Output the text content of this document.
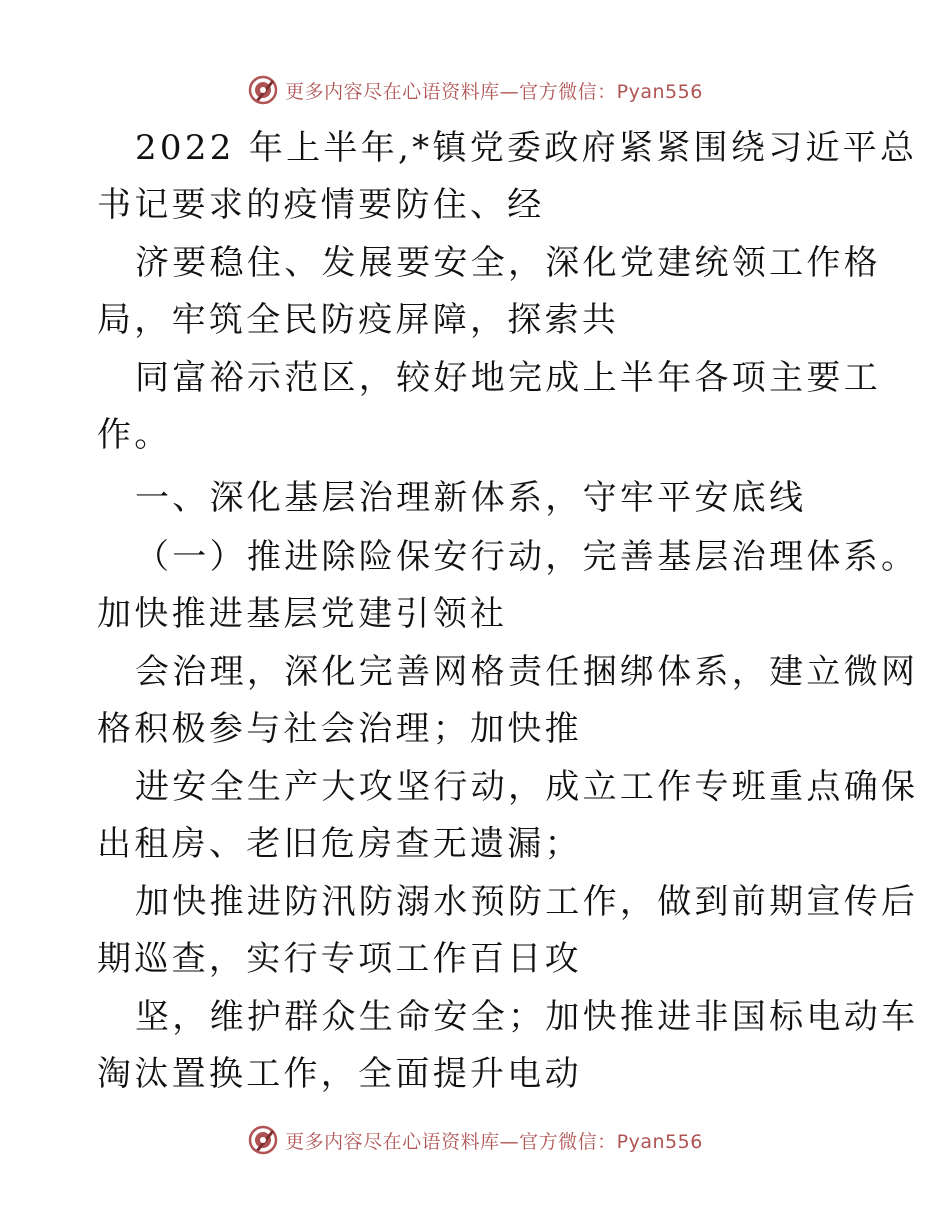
更多内容尽在心语资料库—官方微信：Pyan556
2022 年上半年,*镇党委政府紧紧围绕习近平总
书记要求的疫情要防住、经
济要稳住、发展要安全，深化党建统领工作格
局，牢筑全民防疫屏障，探索共
同富裕示范区，较好地完成上半年各项主要工
作。
一、深化基层治理新体系，守牢平安底线
（一）推进除险保安行动，完善基层治理体系。
加快推进基层党建引领社
会治理，深化完善网格责任捆绑体系，建立微网
格积极参与社会治理；加快推
进安全生产大攻坚行动，成立工作专班重点确保
出租房、老旧危房查无遗漏；
加快推进防汛防溺水预防工作，做到前期宣传后
期巡查，实行专项工作百日攻
坚，维护群众生命安全；加快推进非国标电动车
淘汰置换工作，全面提升电动
更多内容尽在心语资料库—官方微信：Pyan556
